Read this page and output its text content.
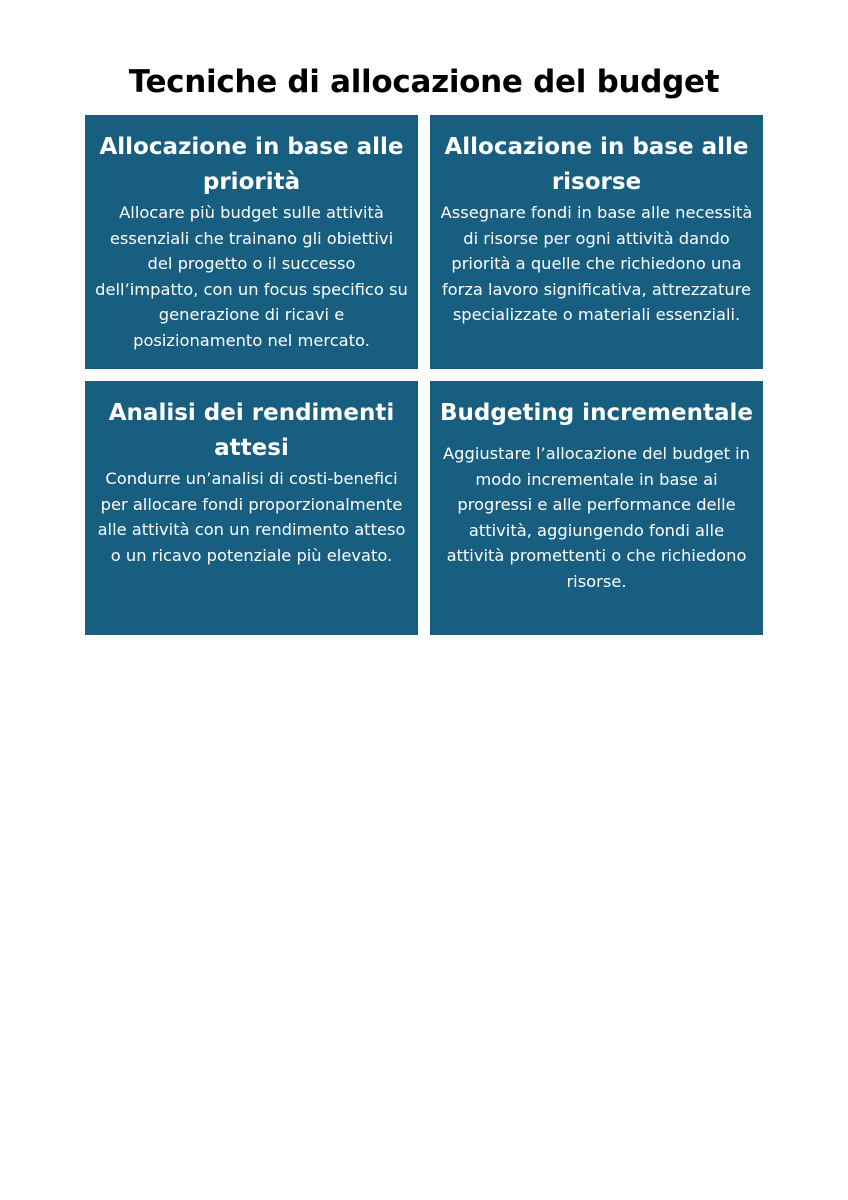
Tecniche di allocazione del budget
Allocazione in base alle priorità

Allocare più budget sulle attività essenziali che trainano gli obiettivi del progetto o il successo dell’impatto, con un focus specifico su generazione di ricavi e posizionamento nel mercato.

Allocazione in base alle risorse

Assegnare fondi in base alle necessità di risorse per ogni attività dando priorità a quelle che richiedono una forza lavoro significativa, attrezzature specializzate o materiali essenziali.

Analisi dei rendimenti attesi

Condurre un’analisi di costi-benefici per allocare fondi proporzionalmente alle attività con un rendimento atteso o un ricavo potenziale più elevato.

Budgeting incrementale

Aggiustare l’allocazione del budget in modo incrementale in base ai progressi e alle performance delle attività, aggiungendo fondi alle attività promettenti o che richiedono risorse.
